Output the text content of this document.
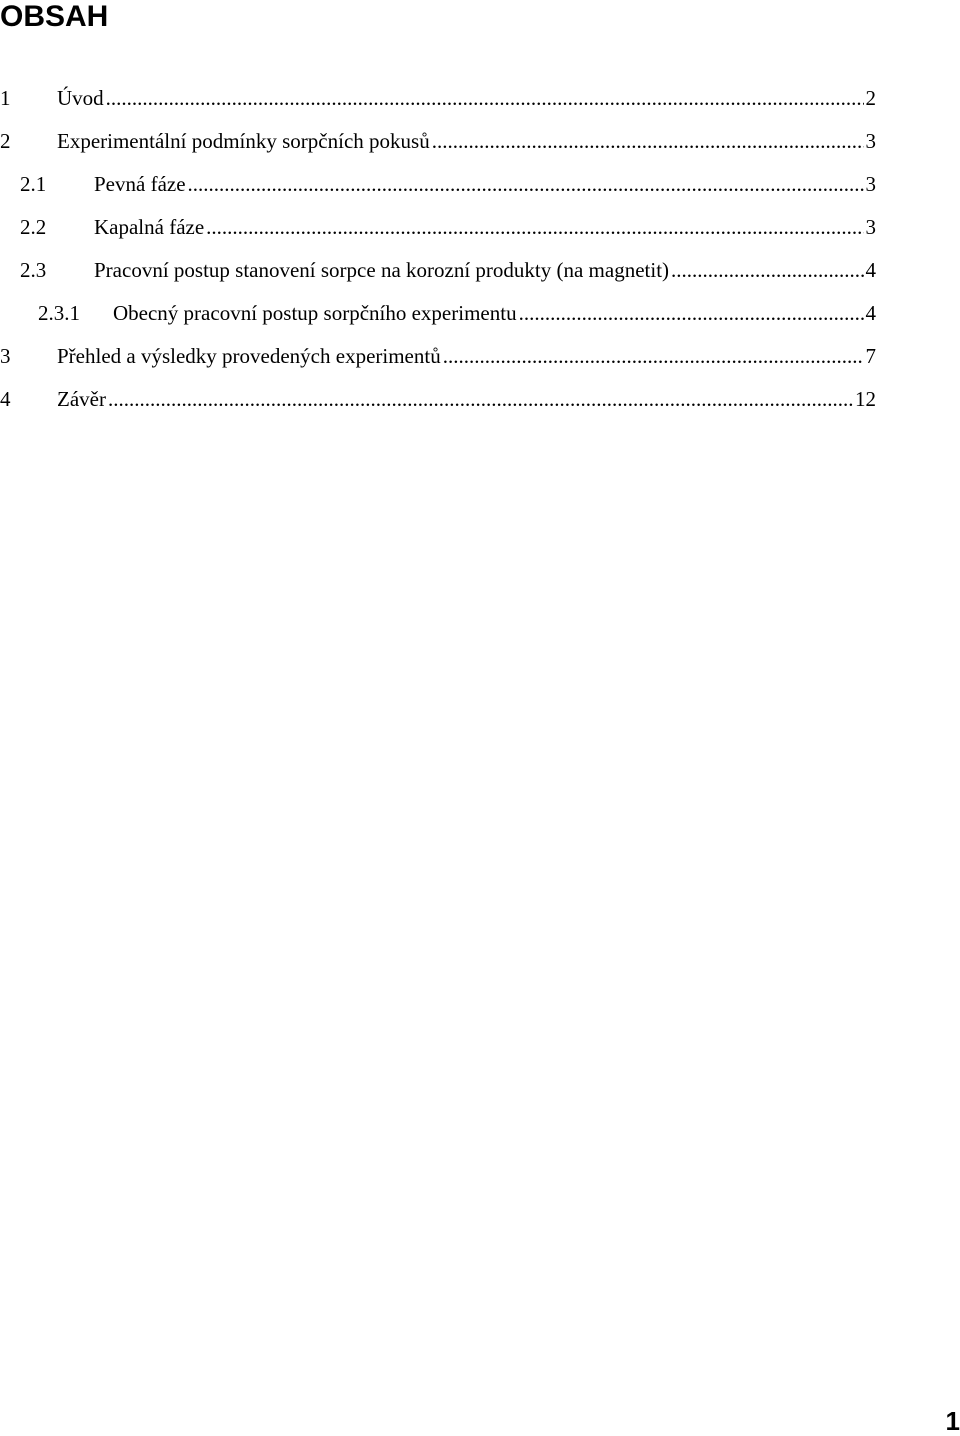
OBSAH
1 Úvod .....	2
2 Experimentální podmínky sorpčních pokusů .....	3
2.1 Pevná fáze .....	3
2.2 Kapalná fáze .....	3
2.3 Pracovní postup stanovení sorpce na korozní produkty (na magnetit) .....	4
2.3.1 Obecný pracovní postup sorpčního experimentu .....	4
3 Přehled a výsledky provedených experimentů .....	7
4 Závěr .....	12
1
